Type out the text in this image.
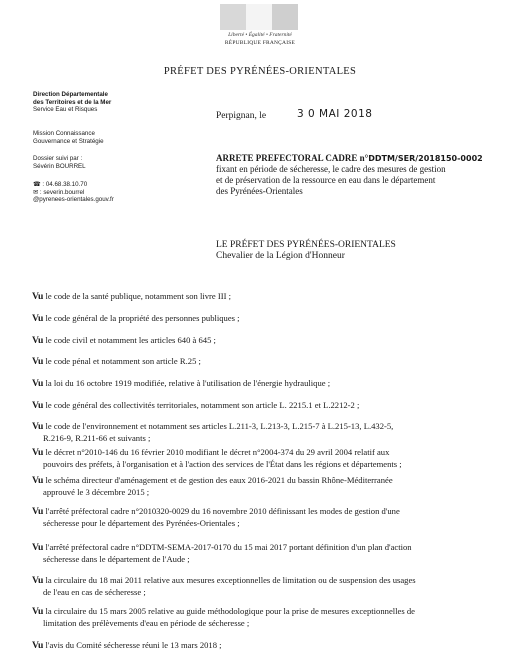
Liberté • Égalité • Fraternité
RÉPUBLIQUE FRANÇAISE
PRÉFET DES PYRÉNÉES-ORIENTALES
Direction Départementale
des Territoires et de la Mer
Service Eau et Risques
Mission Connaissance
Gouvernance et Stratégie
Dossier suivi par :
Sévérin BOURREL
☎ : 04.68.38.10.70
✉ : severin.bourrel
@pyrenees-orientales.gouv.fr
Perpignan, le	3 0 MAI 2018
ARRETE PREFECTORAL CADRE n°DDTM/SER/2018150-0002
fixant en période de sécheresse, le cadre des mesures de gestion
et de préservation de la ressource en eau dans le département
des Pyrénées-Orientales
LE PRÉFET DES PYRÉNÉES-ORIENTALES
Chevalier de la Légion d'Honneur
Vu le code de la santé publique, notamment son livre III ;
Vu le code général de la propriété des personnes publiques ;
Vu le code civil et notamment les articles 640 à 645 ;
Vu le code pénal et notamment son article R.25 ;
Vu la loi du 16 octobre 1919 modifiée, relative à l'utilisation de l'énergie hydraulique ;
Vu le code général des collectivités territoriales, notamment son article L. 2215.1 et L.2212-2 ;
Vu le code de l'environnement et notamment ses articles L.211-3, L.213-3, L.215-7 à L.215-13, L.432-5,
R.216-9, R.211-66 et suivants ;
Vu le décret n°2010-146 du 16 février 2010 modifiant le décret n°2004-374 du 29 avril 2004 relatif aux
pouvoirs des préfets, à l'organisation et à l'action des services de l'État dans les régions et départements ;
Vu le schéma directeur d'aménagement et de gestion des eaux 2016-2021 du bassin Rhône-Méditerranée
approuvé le 3 décembre 2015 ;
Vu l'arrêté préfectoral cadre n°2010320-0029 du 16 novembre 2010 définissant les modes de gestion d'une
sécheresse pour le département des Pyrénées-Orientales ;
Vu l'arrêté préfectoral cadre n°DDTM-SEMA-2017-0170 du 15 mai 2017 portant définition d'un plan d'action
sécheresse dans le département de l'Aude ;
Vu la circulaire du 18 mai 2011 relative aux mesures exceptionnelles de limitation ou de suspension des usages
de l'eau en cas de sécheresse ;
Vu la circulaire du 15 mars 2005 relative au guide méthodologique pour la prise de mesures exceptionnelles de
limitation des prélèvements d'eau en période de sécheresse ;
Vu l'avis du Comité sécheresse réuni le 13 mars 2018 ;
